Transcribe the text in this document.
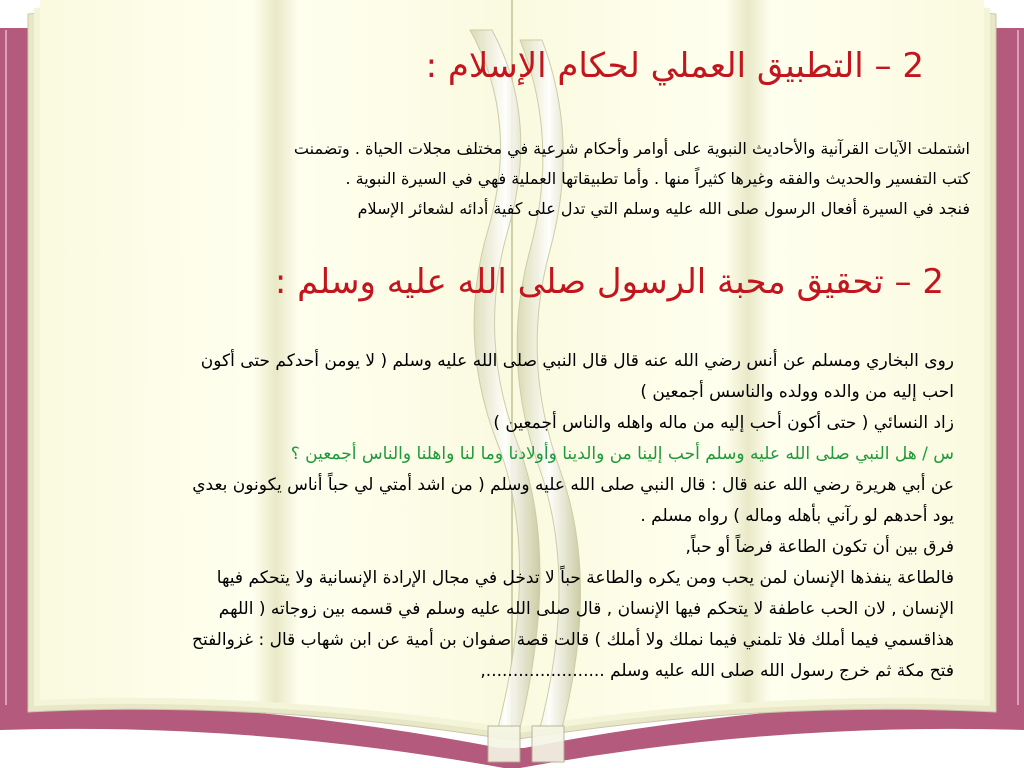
2 – التطبيق العملي لحكام الإسلام :
اشتملت الآيات القرآنية والأحاديث النبوية على أوامر وأحكام شرعية في مختلف مجلات الحياة . وتضمنت
كتب التفسير والحديث والفقه وغيرها كثيراً منها . وأما تطبيقاتها العملية فهي في السيرة النبوية .
فنجد في السيرة أفعال الرسول صلى الله عليه وسلم التي تدل على كفية أدائه لشعائر الإسلام
2 – تحقيق محبة الرسول صلى الله عليه وسلم :
روى البخاري ومسلم عن أنس رضي الله عنه قال قال النبي صلى الله عليه وسلم ( لا يومن أحدكم حتى أكون
احب إليه من والده وولده والناسس أجمعين )
زاد النسائي ( حتى أكون أحب إليه من ماله واهله والناس أجمعين )
س / هل النبي صلى الله عليه وسلم أحب إلينا من والدينا وأولادنا وما لنا واهلنا والناس أجمعين ؟
عن أبي هريرة رضي الله عنه قال : قال النبي صلى الله عليه وسلم ( من اشد أمتي لي حباً أناس يكونون بعدي
يود أحدهم لو رآني بأهله وماله ) رواه مسلم .
فرق بين أن تكون الطاعة فرضاً أو حباً,
فالطاعة ينفذها الإنسان لمن يحب ومن يكره والطاعة حباً لا تدخل في مجال الإرادة الإنسانية ولا يتحكم فيها
الإنسان , لان الحب عاطفة لا يتحكم فيها الإنسان , قال صلى الله عليه وسلم في قسمه بين زوجاته ( اللهم
هذاقسمي فيما أملك فلا تلمني فيما نملك ولا أملك ) قالت قصة صفوان بن أمية عن ابن شهاب قال : غزوالفتح
فتح مكة ثم خرج رسول الله صلى الله عليه وسلم ......................,
